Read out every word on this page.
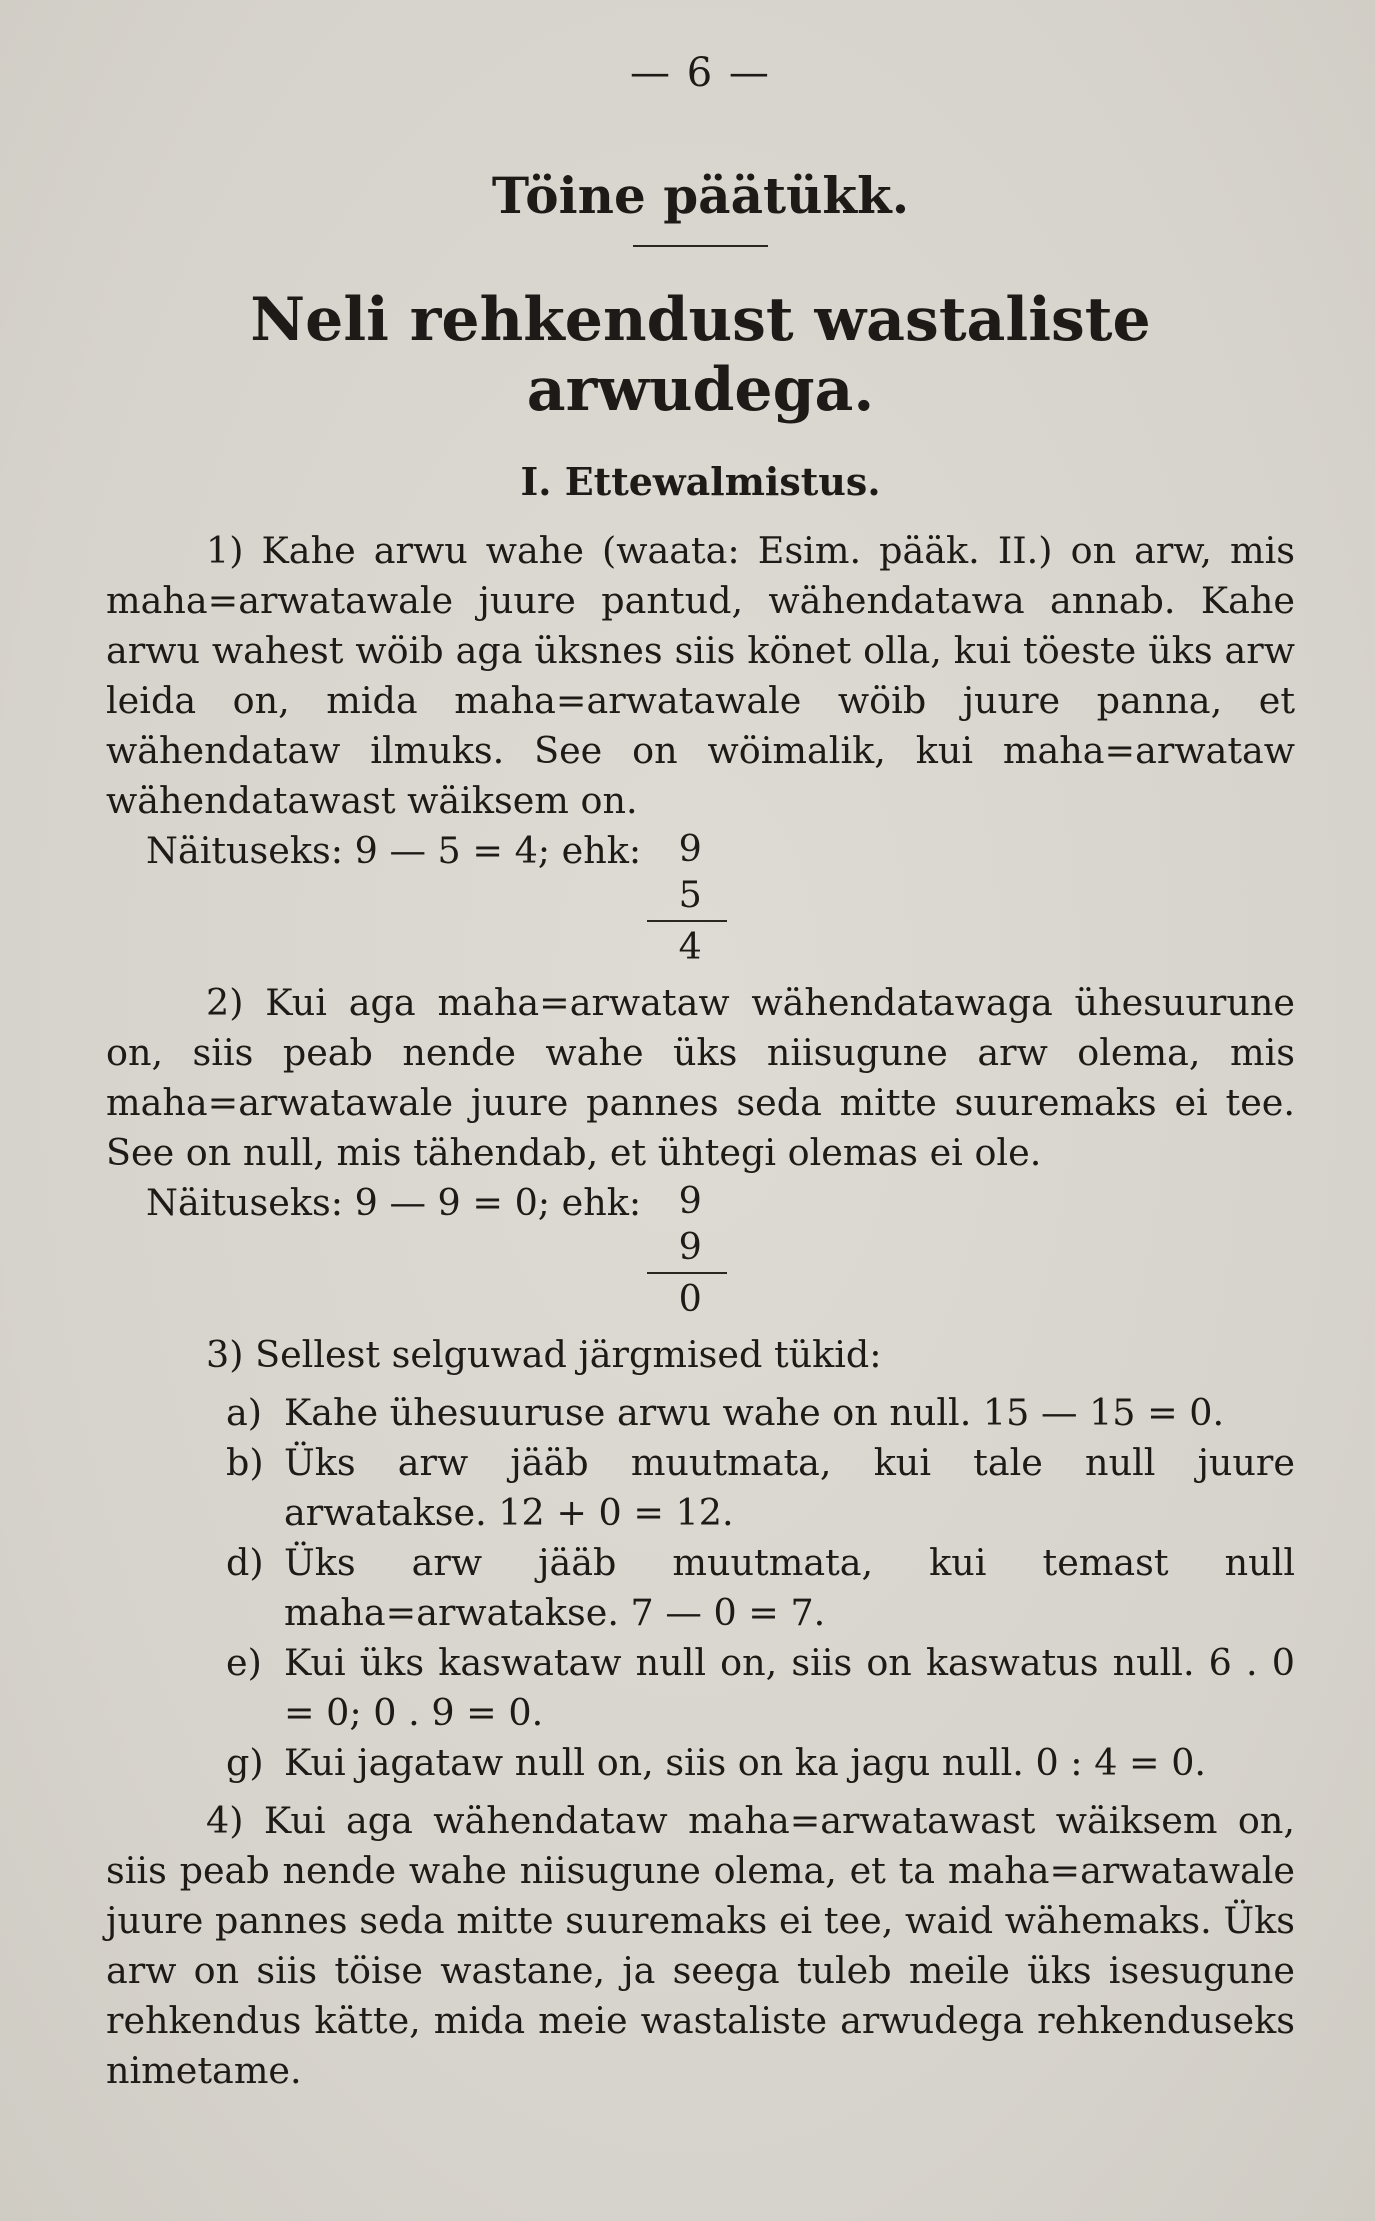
— 6 —
Töine päätükk.
Neli rehkendust wastaliste arwudega.
I. Ettewalmistus.

1) Kahe arwu wahe (waata: Esim. pääk. II.) on arw, mis maha=arwatawale juure pantud, wähendatawa annab. Kahe arwu wahest wöib aga üksnes siis könet olla, kui töeste üks arw leida on, mida maha=arwatawale wöib juure panna, et wähendataw ilmuks. See on wöimalik, kui maha=arwataw wähendatawast wäiksem on.

Näituseks: 9 — 5 = 4; ehk:	9
5
4

2) Kui aga maha=arwataw wähendatawaga ühesuurune on, siis peab nende wahe üks niisugune arw olema, mis maha=arwatawale juure pannes seda mitte suuremaks ei tee. See on null, mis tähendab, et ühtegi olemas ei ole.

Näituseks: 9 — 9 = 0; ehk:	9
9
0

3) Sellest selguwad järgmised tükid:

a) Kahe ühesuuruse arwu wahe on null. 15 — 15 = 0.
b) Üks arw jääb muutmata, kui tale null juure arwatakse. 12 + 0 = 12.
d) Üks arw jääb muutmata, kui temast null maha=arwatakse. 7 — 0 = 7.
e) Kui üks kaswataw null on, siis on kaswatus null. 6 . 0 = 0; 0 . 9 = 0.
g) Kui jagataw null on, siis on ka jagu null. 0 : 4 = 0.

4) Kui aga wähendataw maha=arwatawast wäiksem on, siis peab nende wahe niisugune olema, et ta maha=arwatawale juure pannes seda mitte suuremaks ei tee, waid wähemaks. Üks arw on siis töise wastane, ja seega tuleb meile üks isesugune rehkendus kätte, mida meie wastaliste arwudega rehkenduseks nimetame.
